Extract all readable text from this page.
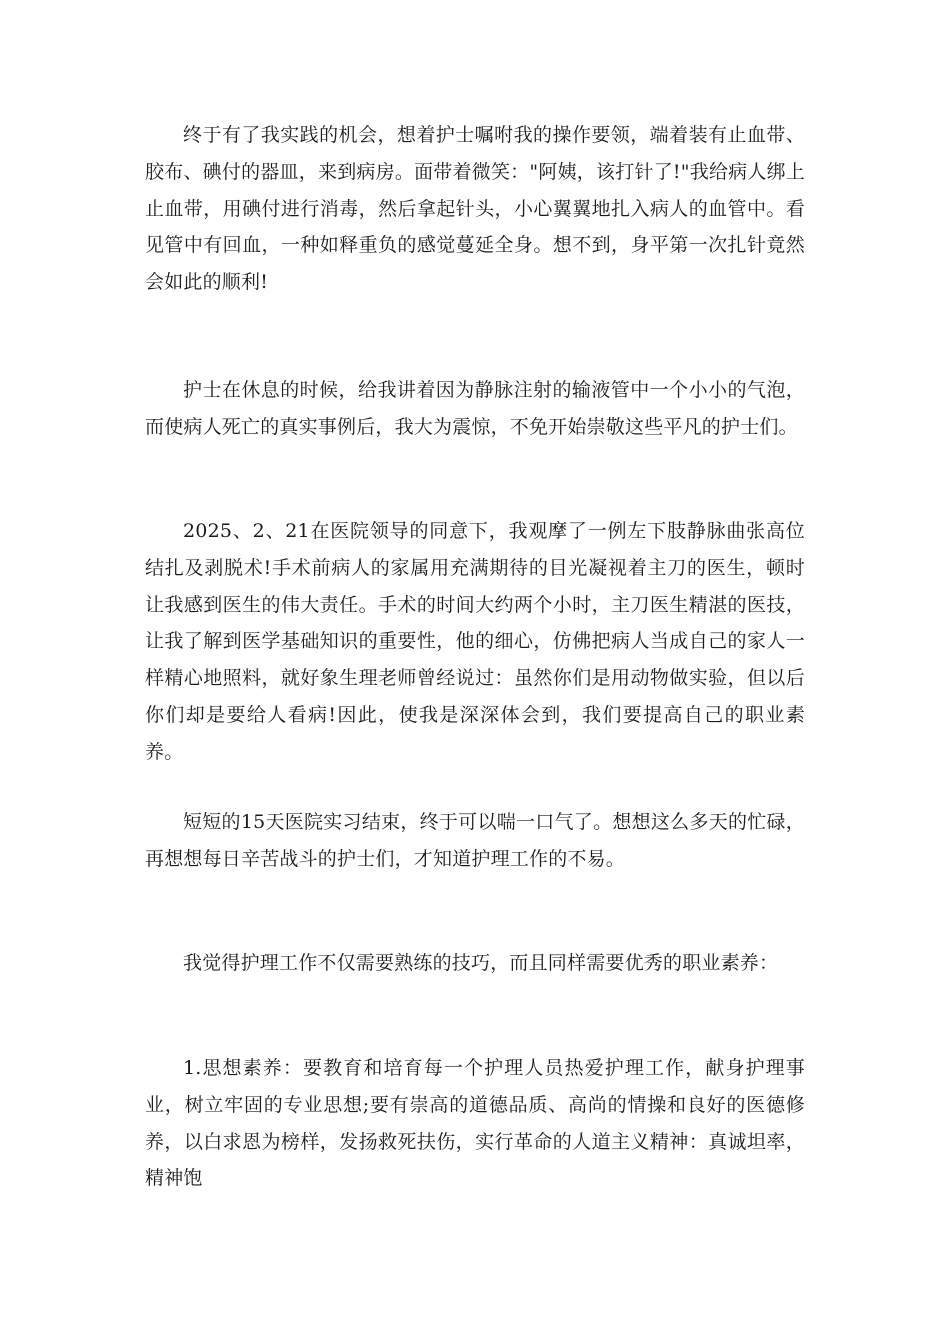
终于有了我实践的机会，想着护士嘱咐我的操作要领，端着装有止血带、胶布、碘付的器皿，来到病房。面带着微笑："阿姨，该打针了!"我给病人绑上止血带，用碘付进行消毒，然后拿起针头，小心翼翼地扎入病人的血管中。看见管中有回血，一种如释重负的感觉蔓延全身。想不到，身平第一次扎针竟然会如此的顺利!

护士在休息的时候，给我讲着因为静脉注射的输液管中一个小小的气泡，而使病人死亡的真实事例后，我大为震惊，不免开始崇敬这些平凡的护士们。

2025、2、21在医院领导的同意下，我观摩了一例左下肢静脉曲张高位结扎及剥脱术!手术前病人的家属用充满期待的目光凝视着主刀的医生，顿时让我感到医生的伟大责任。手术的时间大约两个小时，主刀医生精湛的医技，让我了解到医学基础知识的重要性，他的细心，仿佛把病人当成自己的家人一样精心地照料，就好象生理老师曾经说过：虽然你们是用动物做实验，但以后你们却是要给人看病!因此，使我是深深体会到，我们要提高自己的职业素养。

短短的15天医院实习结束，终于可以喘一口气了。想想这么多天的忙碌，再想想每日辛苦战斗的护士们，才知道护理工作的不易。

我觉得护理工作不仅需要熟练的技巧，而且同样需要优秀的职业素养：

1.思想素养：要教育和培育每一个护理人员热爱护理工作，献身护理事业，树立牢固的专业思想;要有崇高的道德品质、高尚的情操和良好的医德修养，以白求恩为榜样，发扬救死扶伤，实行革命的人道主义精神：真诚坦率，精神饱
